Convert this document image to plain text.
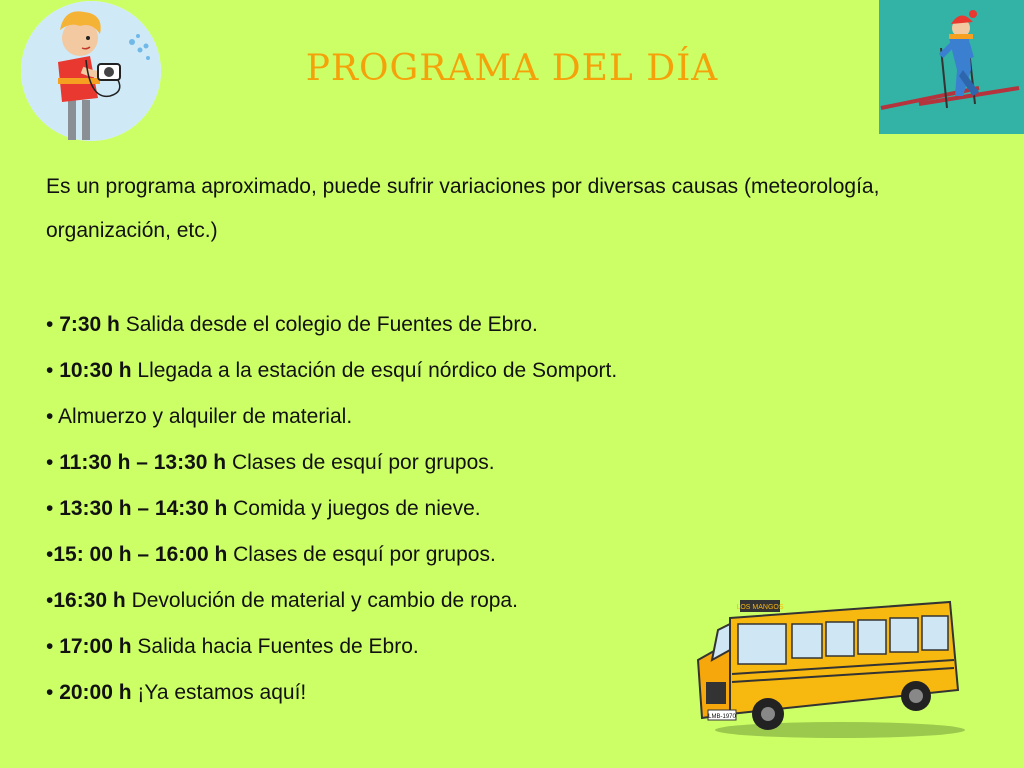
PROGRAMA DEL DÍA

Es un programa aproximado, puede sufrir variaciones por diversas causas (meteorología, organización, etc.)

• 7:30 h Salida desde el colegio de Fuentes de Ebro.
• 10:30 h Llegada a la estación de esquí nórdico de Somport.
• Almuerzo y alquiler de material.
• 11:30 h – 13:30 h Clases de esquí por grupos.
• 13:30 h – 14:30 h Comida y juegos de nieve.
•15: 00 h – 16:00 h Clases de esquí por grupos.
•16:30 h Devolución de material y cambio de ropa.
• 17:00 h Salida hacia Fuentes de Ebro.
• 20:00 h ¡Ya estamos aquí!
LOS MANGOS
LMB-1970
